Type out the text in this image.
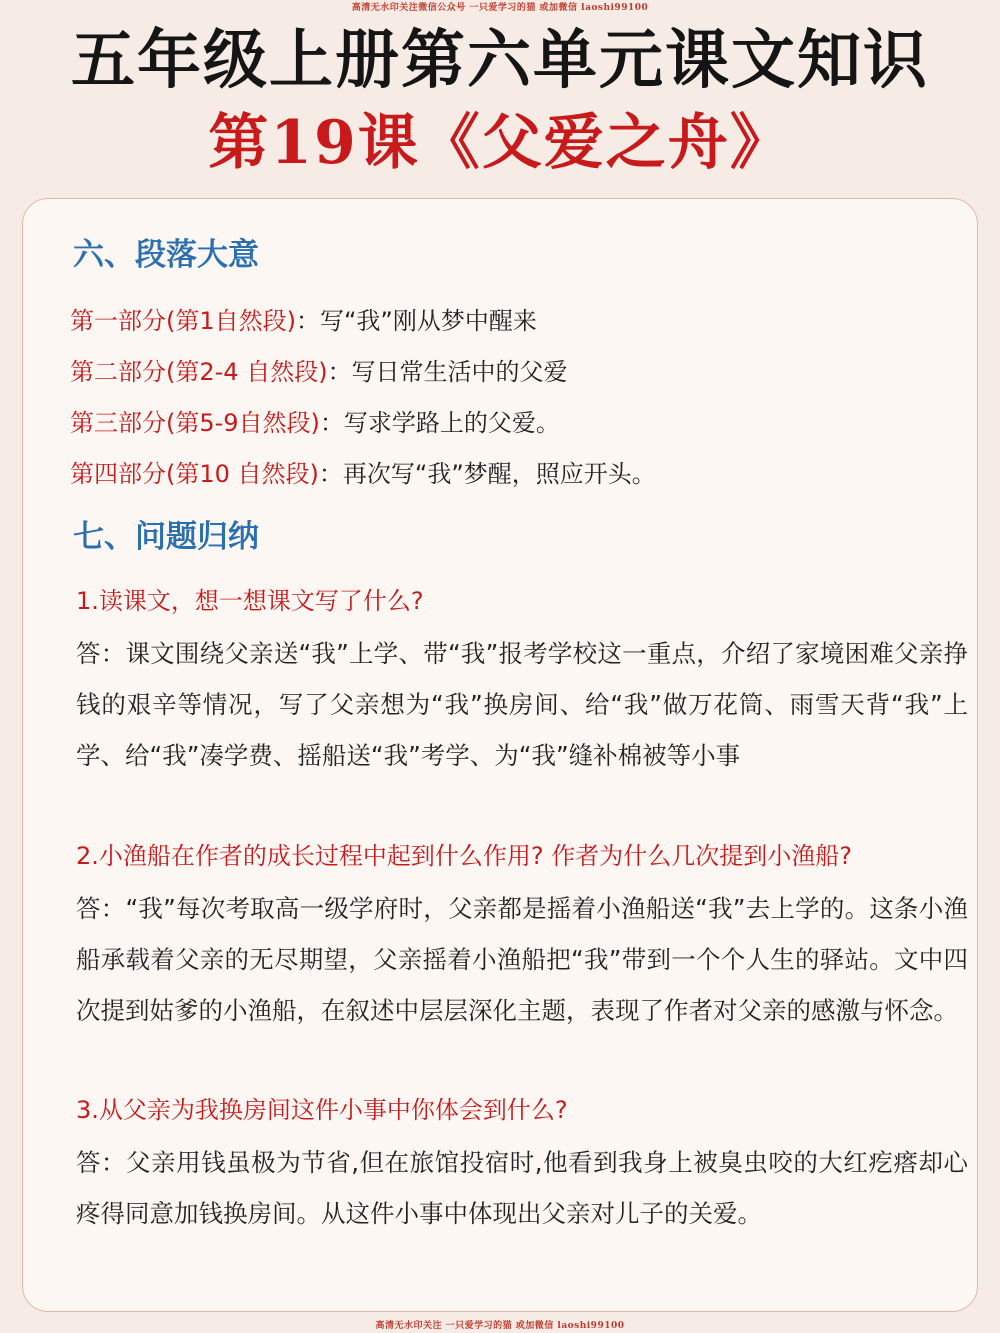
高清无水印关注微信公众号 一只爱学习的猫 或加微信 laoshi99100
五年级上册第六单元课文知识
第19课《父爱之舟》
六、段落大意
第一部分(第1自然段)：写“我”刚从梦中醒来
第二部分(第2-4 自然段)：写日常生活中的父爱
第三部分(第5-9自然段)：写求学路上的父爱。
第四部分(第10 自然段)：再次写“我”梦醒，照应开头。
七、问题归纳
1.读课文，想一想课文写了什么?

答：课文围绕父亲送“我”上学、带“我”报考学校这一重点，介绍了家境困难父亲挣钱的艰辛等情况，写了父亲想为“我”换房间、给“我”做万花筒、雨雪天背“我”上学、给“我”凑学费、摇船送“我”考学、为“我”缝补棉被等小事

2.小渔船在作者的成长过程中起到什么作用? 作者为什么几次提到小渔船?

答：“我”每次考取高一级学府时，父亲都是摇着小渔船送“我”去上学的。这条小渔船承载着父亲的无尽期望，父亲摇着小渔船把“我”带到一个个人生的驿站。文中四次提到姑爹的小渔船，在叙述中层层深化主题，表现了作者对父亲的感激与怀念。

3.从父亲为我换房间这件小事中你体会到什么?

答：父亲用钱虽极为节省,但在旅馆投宿时,他看到我身上被臭虫咬的大红疙瘩却心疼得同意加钱换房间。从这件小事中体现出父亲对儿子的关爱。

高清无水印关注 一只爱学习的猫 或加微信 laoshi99100
